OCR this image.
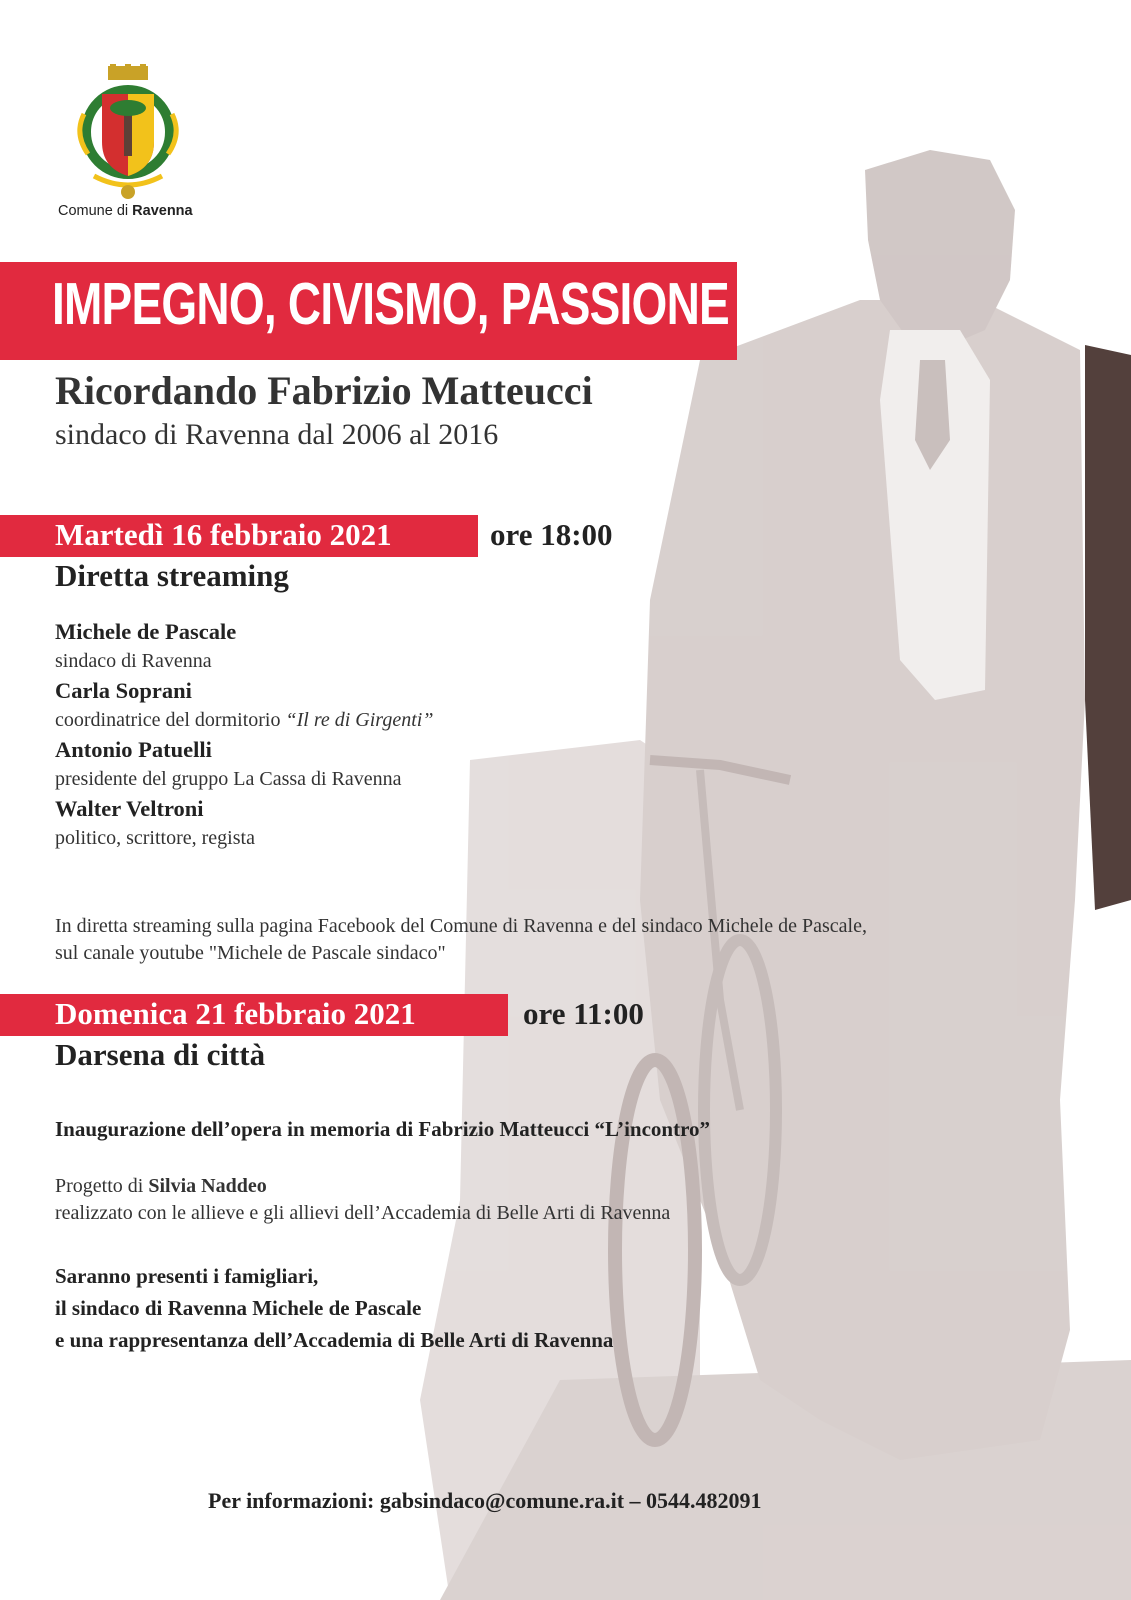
Comune di Ravenna
IMPEGNO, CIVISMO, PASSIONE
Ricordando Fabrizio Matteucci
sindaco di Ravenna dal 2006 al 2016
Martedì 16 febbraio 2021	ore 18:00
Diretta streaming
Michele de Pascale
sindaco di Ravenna
Carla Soprani
coordinatrice del dormitorio “Il re di Girgenti”
Antonio Patuelli
presidente del gruppo La Cassa di Ravenna
Walter Veltroni
politico, scrittore, regista
In diretta streaming sulla pagina Facebook del Comune di Ravenna e del sindaco Michele de Pascale,
sul canale youtube "Michele de Pascale sindaco"
Domenica 21 febbraio 2021	ore 11:00
Darsena di città
Inaugurazione dell’opera in memoria di Fabrizio Matteucci “L’incontro”
Progetto di Silvia Naddeo
realizzato con le allieve e gli allievi dell’Accademia di Belle Arti di Ravenna
Saranno presenti i famigliari,
il sindaco di Ravenna Michele de Pascale
e una rappresentanza dell’Accademia di Belle Arti di Ravenna
Per informazioni: gabsindaco@comune.ra.it – 0544.482091
